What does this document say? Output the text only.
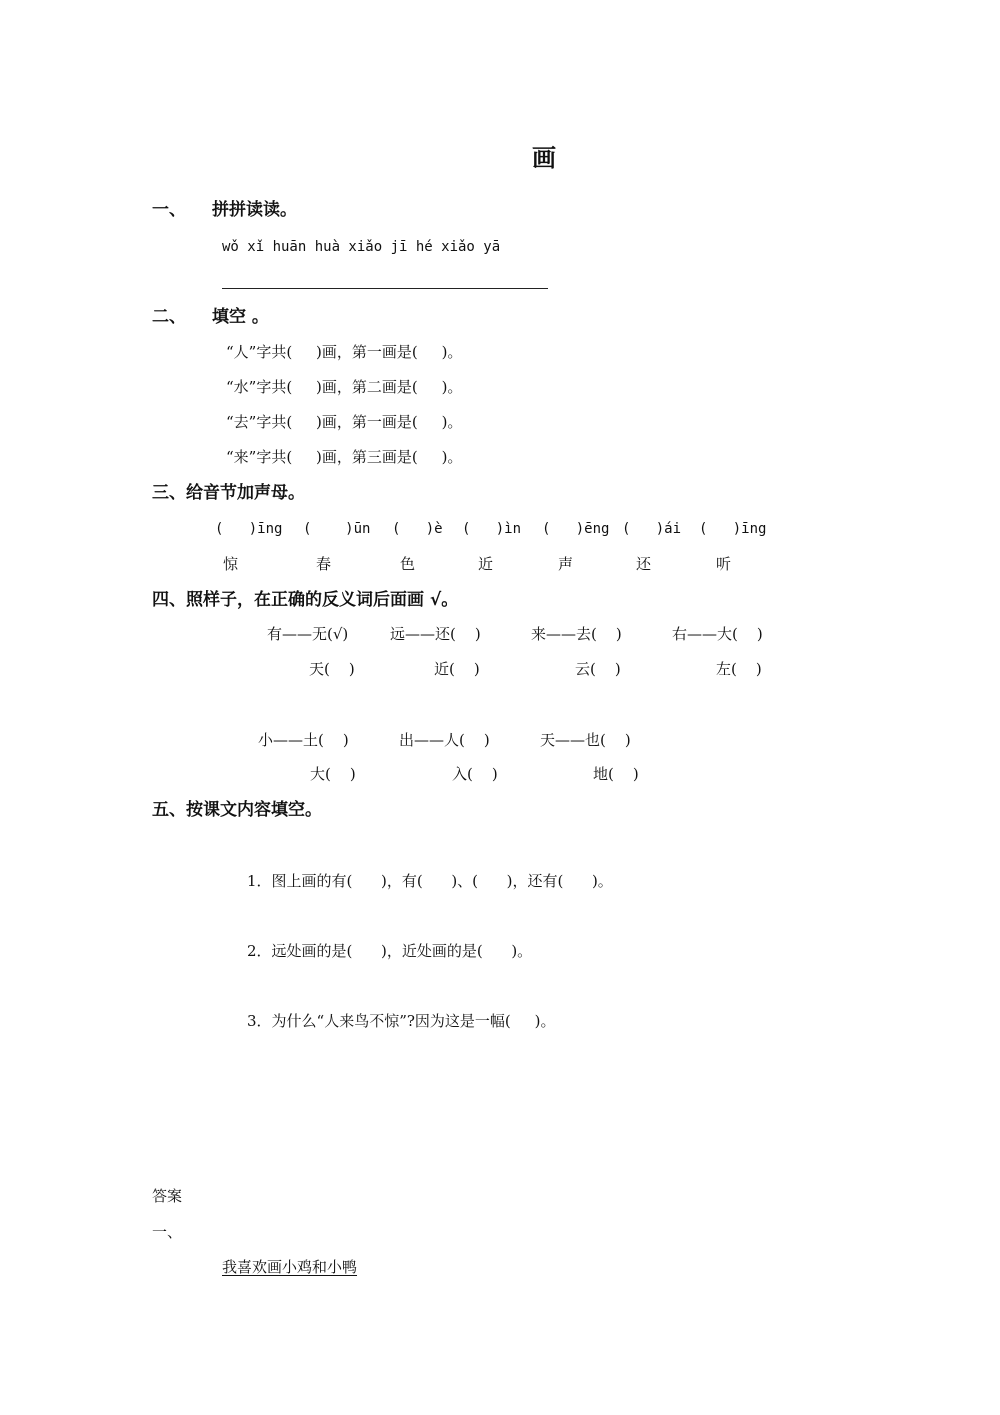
画
一、 拼拼读读。
wǒ xǐ huān huà xiǎo jī hé xiǎo yā
二、 填空 。
“人”字共(     )画，第一画是(     )。
“水”字共(     )画，第二画是(     )。
“去”字共(     )画，第一画是(     )。
“来”字共(     )画，第三画是(     )。
三、给音节加声母。
(   )īng (    )ūn (   )è (   )ìn (   )ēng (   )ái (   )īng
惊	春	色	近	声	还	听
四、照样子，在正确的反义词后面画 √。
有——无(√)	远——还(    )	来——去(    )	右——大(    )
天(    )	近(    )	云(    )	左(    )
小——土(    )	出——人(    )	天——也(    )
大(    )	入(    )	地(    )
五、按课文内容填空。
1．图上画的有(      )，有(      )、(      )，还有(      )。
2．远处画的是(      )，近处画的是(      )。
3．为什么“人来鸟不惊”?因为这是一幅(     )。
答案
一、
我喜欢画小鸡和小鸭
